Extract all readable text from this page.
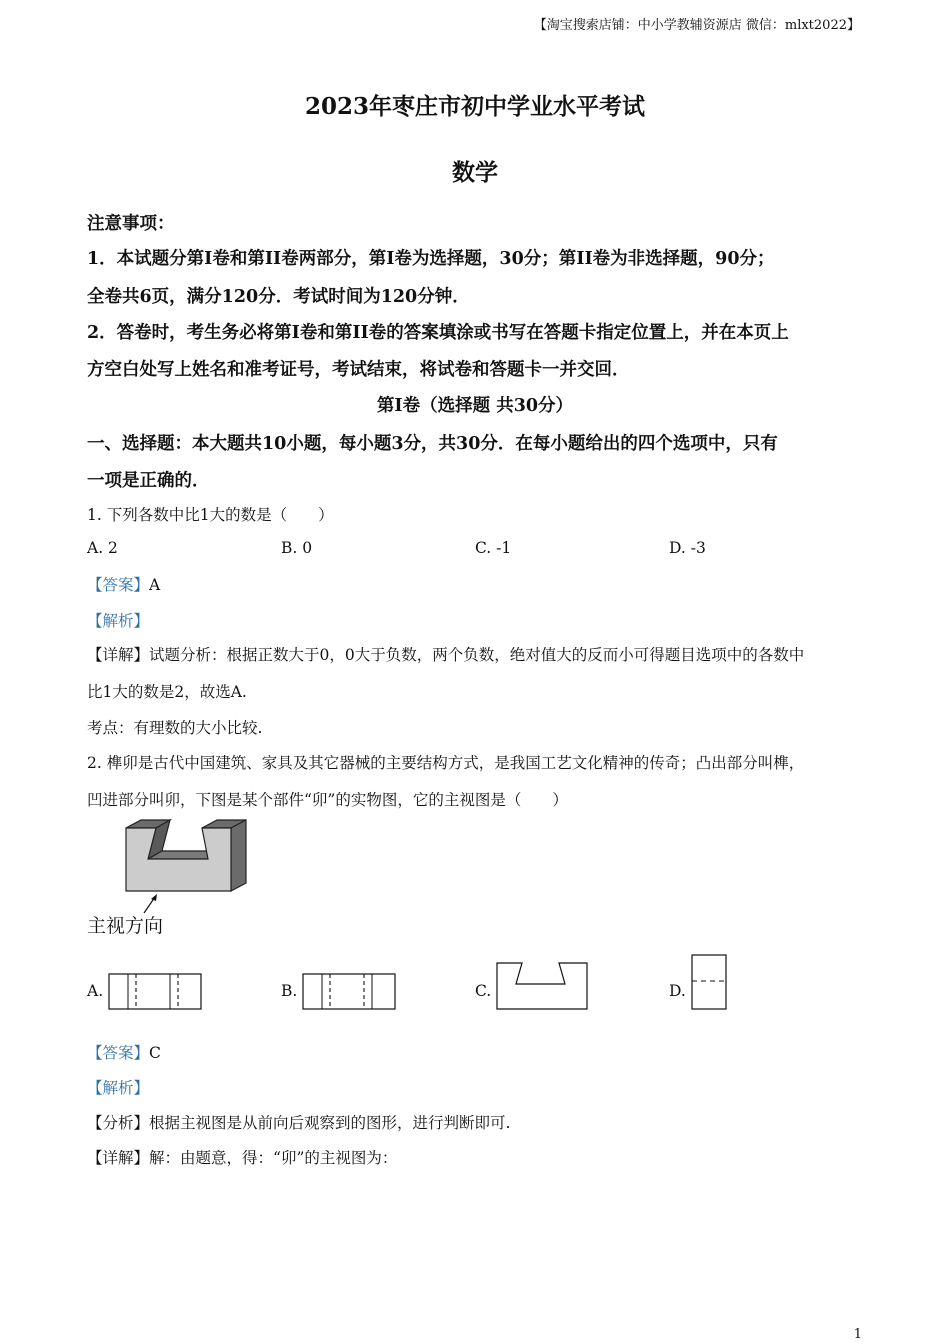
【淘宝搜索店铺：中小学教辅资源店 微信：mlxt2022】
2023年枣庄市初中学业水平考试
数学
注意事项：
1．本试题分第I卷和第II卷两部分，第I卷为选择题，30分；第II卷为非选择题，90分；
全卷共6页，满分120分．考试时间为120分钟．
2．答卷时，考生务必将第I卷和第II卷的答案填涂或书写在答题卡指定位置上，并在本页上
方空白处写上姓名和准考证号，考试结束，将试卷和答题卡一并交回．
第I卷（选择题 共30分）
一、选择题：本大题共10小题，每小题3分，共30分．在每小题给出的四个选项中，只有
一项是正确的．
1. 下列各数中比1大的数是（　　）
A. 2	B. 0	C. -1	D. -3
【答案】A
【解析】
【详解】试题分析：根据正数大于0，0大于负数，两个负数，绝对值大的反而小可得题目选项中的各数中
比1大的数是2，故选A.
考点：有理数的大小比较.
2. 榫卯是古代中国建筑、家具及其它器械的主要结构方式，是我国工艺文化精神的传奇；凸出部分叫榫，
凹进部分叫卯，下图是某个部件“卯”的实物图，它的主视图是（　　）
主视方向
A.	B.	C.	D.
【答案】C
【解析】
【分析】根据主视图是从前向后观察到的图形，进行判断即可.
【详解】解：由题意，得：“卯”的主视图为：
1
